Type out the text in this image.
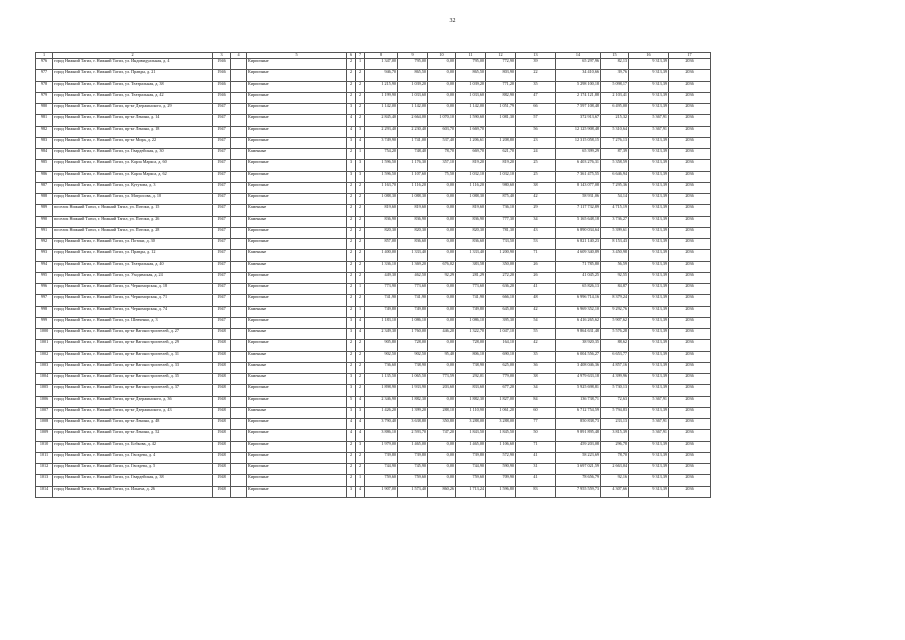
32
1	2	3	4	5	6	7	8	9	10	11	12	13	14	15	16	17
976	город Нижний Тагил, г. Нижний Тагил, ул. Индивидуальная, д. 4	1946		Кирпичные	2	1	1 347,00	795,00	0,00	795,00	772,90	39	65 297,96	82,13	9 313,39	2036
977	город Нижний Тагил, г. Нижний Тагил, ул. Правды, д. 21	1946		Кирпичные	2	2	946,70	865,50	0,00	865,50	803,90	22	34 410,66	39,76	9 313,39	2036
978	город Нижний Тагил, г. Нижний Тагил, ул. Театральная, д. 38	1946		Кирпичные	2	2	1 215,90	1 039,20	0,00	1 039,20	771,20	35	5 298 100,18	5 098,17	9 313,39	2036
979	город Нижний Тагил, г. Нижний Тагил, ул. Театральная, д. 42	1946		Кирпичные	2	2	1 199,90	1 033,60	0,00	1 033,60	882,90	47	2 174 121,88	2 103,41	9 313,39	2036
980	город Нижний Тагил, г. Нижний Тагил, пр-кт Дзержинского, д. 29	1947		Кирпичные	3	2	1 142,00	1 142,00	0,00	1 142,00	1 051,79	66	7 597 108,48	6 495,00	9 313,39	2036
981	город Нижний Тагил, г. Нижний Тагил, пр-кт Ленина, д. 14	1947		Кирпичные	4	2	2 845,40	2 664,00	1 070,10	1 590,60	1 081,30	57	372 913,67	215,32	5 367,91	2036
982	город Нижний Тагил, г. Нижний Тагил, пр-кт Ленина, д. 18	1947		Кирпичные	4	3	2 293,40	2 230,40	603,70	1 669,70		56	12 125 908,48	5 310,64	5 367,91	2036
983	город Нижний Тагил, г. Нижний Тагил, пр-кт Мира, д. 22	1947		Кирпичные	3	4	3 749,90	1 741,00	537,40	1 206,61	1 208,80	23	12 315 058,15	7 276,13	9 313,39	2036
984	город Нижний Тагил, г. Нижний Тагил, ул. Гвардейская, д. 30	1947		Каменные	2	1	754,20	748,40	78,70	669,70	621,70	24	65 399,29	87,39	9 313,39	2036
985	город Нижний Тагил, г. Нижний Тагил, ул. Карла Маркса, д. 60	1947		Кирпичные	3	3	1 596,50	1 176,30	357,10	819,20	819,20	25	6 403 276,31	5 358,59	9 313,39	2036
986	город Нижний Тагил, г. Нижний Тагил, ул. Карла Маркса, д. 62	1947		Кирпичные	3	3	1 596,50	1 107,60	75,50	1 032,10	1 032,10	25	7 361 475,55	6 646,94	9 313,39	2036
987	город Нижний Тагил, г. Нижний Тагил, ул. Кутузова, д. 3	1947		Кирпичные	2	2	1 163,70	1 116,20	0,00	1 116,20	980,60	38	8 143 077,08	7 295,36	9 313,39	2036
988	город Нижний Тагил, г. Нижний Тагил, ул. Матросова, д. 10	1947		Кирпичные	2	2	1 088,30	1 088,30	0,00	1 088,30	875,40	42	58 931,06	54,14	9 313,39	2036
989	поселок Нижний Тагил, г. Нижний Тагил, ул. Потоки, д. 15	1947		Каменные	2	2	819,60	819,60	0,00	819,60	736,10	29	7 117 732,89	4 715,19	9 313,39	2036
990	поселок Нижний Тагил, г. Нижний Тагил, ул. Потоки, д. 26	1947		Каменные	2	2	836,90	836,90	0,00	836,90	777,30	34	5 165 648,18	3 736,27	9 313,39	2036
991	поселок Нижний Тагил, г. Нижний Тагил, ул. Потоки, д. 28	1947		Кирпичные	2	2	820,30	820,30	0,00	820,30	781,30	43	6 890 034,64	5 399,61	9 313,39	2036
992	город Нижний Тагил, г. Нижний Тагил, ул. Потоки, д. 30	1947		Кирпичные	2	2	857,00	836,60	0,00	836,60	733,50	53	6 821 140,23	8 153,43	9 313,39	2036
993	город Нижний Тагил, г. Нижний Тагил, ул. Правды, д. 12	1947		Каменные	2	2	1 400,00	1 333,40	0,00	1 333,40	1 200,90	71	4 609 340,89	3 450,98	9 313,39	2036
994	город Нижний Тагил, г. Нижний Тагил, ул. Театральная, д. 40	1947		Каменные	2	2	1 336,10	1 369,20	676,02	383,58	350,00	26	71 785,80	56,59	9 313,39	2036
995	город Нижний Тагил, г. Нижний Тагил, ул. Уходимская, д. 24	1947		Кирпичные	2	2	449,30	462,50	92,29	281,29	272,20	26	41 045,25	92,55	9 313,39	2036
996	город Нижний Тагил, г. Нижний Тагил, ул. Черноморская, д. 18	1947		Кирпичные	2	1	773,90	773,60	0,00	773,60	636,20	41	65 826,13	84,87	9 313,39	2036
997	город Нижний Тагил, г. Нижний Тагил, ул. Черноморская, д. 71	1947		Кирпичные	2	2	741,90	741,90	0,00	741,90	666,10	48	6 996 714,16	8 379,24	9 313,39	2036
998	город Нижний Тагил, г. Нижний Тагил, ул. Черноморская, д. 74	1947		Каменные	2	1	749,80	749,80	0,00	749,80	645,00	42	6 969 352,10	9 292,76	9 313,39	2036
999	город Нижний Тагил, г. Нижний Тагил, ул. Шевченко, д. 3	1947		Кирпичные	3	4	1 183,10	1 086,10	0,00	1 086,10	395,30	54	6 416 265,62	5 907,62	9 313,39	2036
1000	город Нижний Тагил, г. Нижний Тагил, пр-кт Вагоностроителей, д. 27	1948		Каменные	3	4	2 349,30	1 760,00	446,20	1 322,70	1 047,10	55	9 864 631,48	5 576,28	9 313,39	2036
1001	город Нижний Тагил, г. Нижний Тагил, пр-кт Вагоностроителей, д. 29	1948		Кирпичные	2	2	905,80	728,00	0,00	728,00	164,10	42	38 920,35	88,62	9 313,39	2036
1002	город Нижний Тагил, г. Нижний Тагил, пр-кт Вагоностроителей, д. 31	1948		Каменные	2	2	902,50	902,50	95,40	806,10	690,10	35	6 004 556,27	6 653,77	9 313,39	2036
1003	город Нижний Тагил, г. Нижний Тагил, пр-кт Вагоностроителей, д. 33	1948		Каменные	2	2	736,60	738,90	0,00	738,90	625,00	36	3 408 046,36	4 857,16	9 313,39	2036
1004	город Нижний Тагил, г. Нижний Тагил, пр-кт Вагоностроителей, д. 35	1948		Каменные	3	2	1 135,50	1 065,50	773,59	292,01	779,00	38	4 979 633,18	4 399,96	9 313,39	2036
1005	город Нижний Тагил, г. Нижний Тагил, пр-кт Вагоностроителей, д. 37	1948		Кирпичные	3	2	1 898,90	1 933,90	203,60	833,60	677,20	34	5 925 698,81	5 730,13	9 313,39	2036
1006	город Нижний Тагил, г. Нижний Тагил, пр-кт Дзержинского, д. 36	1948		Кирпичные	5	4	2 346,90	1 882,30	0,00	1 882,30	1 827,00	84	136 738,71	72,63	5 367,91	2036
1007	город Нижний Тагил, г. Нижний Тагил, пр-кт Дзержинского, д. 43	1948		Каменные	3	3	1 426,20	1 399,20	288,10	1 110,90	1 061,20	60	6 712 754,59	5 794,83	9 313,39	2036
1008	город Нижний Тагил, г. Нижний Тагил, пр-кт Ленина, д. 48	1948		Кирпичные	4	4	3 790,40	3 638,80	350,80	3 288,00	3 288,00	77	850 838,73	233,13	5 367,91	2036
1009	город Нижний Тагил, г. Нижний Тагил, пр-кт Ленина, д. 52	1948		Кирпичные	4	4	3 886,10	2 593,70	747,20	1 843,50	1 845,50	50	9 891 895,48	3 815,39	5 367,91	2036
1010	город Нижний Тагил, г. Нижний Тагил, ул. Бобкова, д. 42	1948		Кирпичные	2	3	1 979,00	1 465,00	0,00	1 465,00	1 106,60	71	459 203,08	296,78	9 313,39	2036
1011	город Нижний Тагил, г. Нижний Тагил, ул. Гвоздева, д. 4	1948		Кирпичные	2	2	739,80	739,80	0,00	739,80	572,90	41	58 223,69	78,70	9 313,39	2036
1012	город Нижний Тагил, г. Нижний Тагил, ул. Гвоздева, д. 5	1948		Кирпичные	2	2	744,90	745,90	0,00	744,90	590,90	31	3 697 021,59	2 663,04	9 313,39	2036
1013	город Нижний Тагил, г. Нижний Тагил, ул. Гвардейская, д. 38	1948		Кирпичные	2	1	759,60	759,60	0,00	759,60	709,90	41	78 656,79	92,16	9 313,39	2036
1014	город Нижний Тагил, г. Нижний Тагил, ул. Ильича, д. 26	1948		Кирпичные	3	4	1 907,00	1 573,40	860,26	1 713,24	1 596,80	83	7 955 559,73	4 307,66	9 313,39	2036
